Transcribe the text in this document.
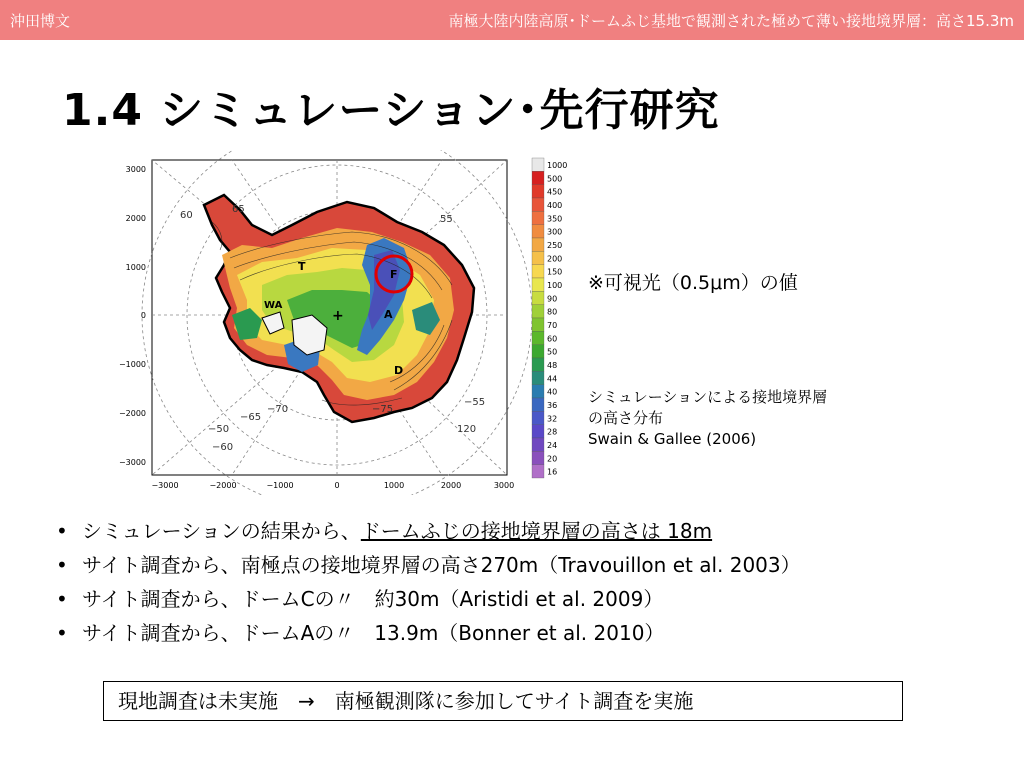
沖田博文	南極大陸内陸高原･ドームふじ基地で観測された極めて薄い接地境界層：高さ15.3m
1.4 シミュレーション･先行研究
F
A
D
T
WA
+
65
55
−65
−70	−75
−55
120
60
−60
−50
3000
2000
1000
0
−1000
−2000
−3000
−3000	−2000	−1000	0	1000	2000	3000
1000
500
450
400
350
300
250
200
150
100
90
80
70
60
50
48
44
40
36
32
28
24
20
16
※可視光（0.5μm）の値
シミュレーションによる接地境界層
の高さ分布
Swain & Gallee (2006)
• シミュレーションの結果から、ドームふじの接地境界層の高さは 18m
• サイト調査から、南極点の接地境界層の高さ270m（Travouillon et al. 2003）
• サイト調査から、ドームCの〃　約30m（Aristidi et al. 2009）
• サイト調査から、ドームAの〃　13.9m（Bonner et al. 2010）
現地調査は未実施　→　南極観測隊に参加してサイト調査を実施
